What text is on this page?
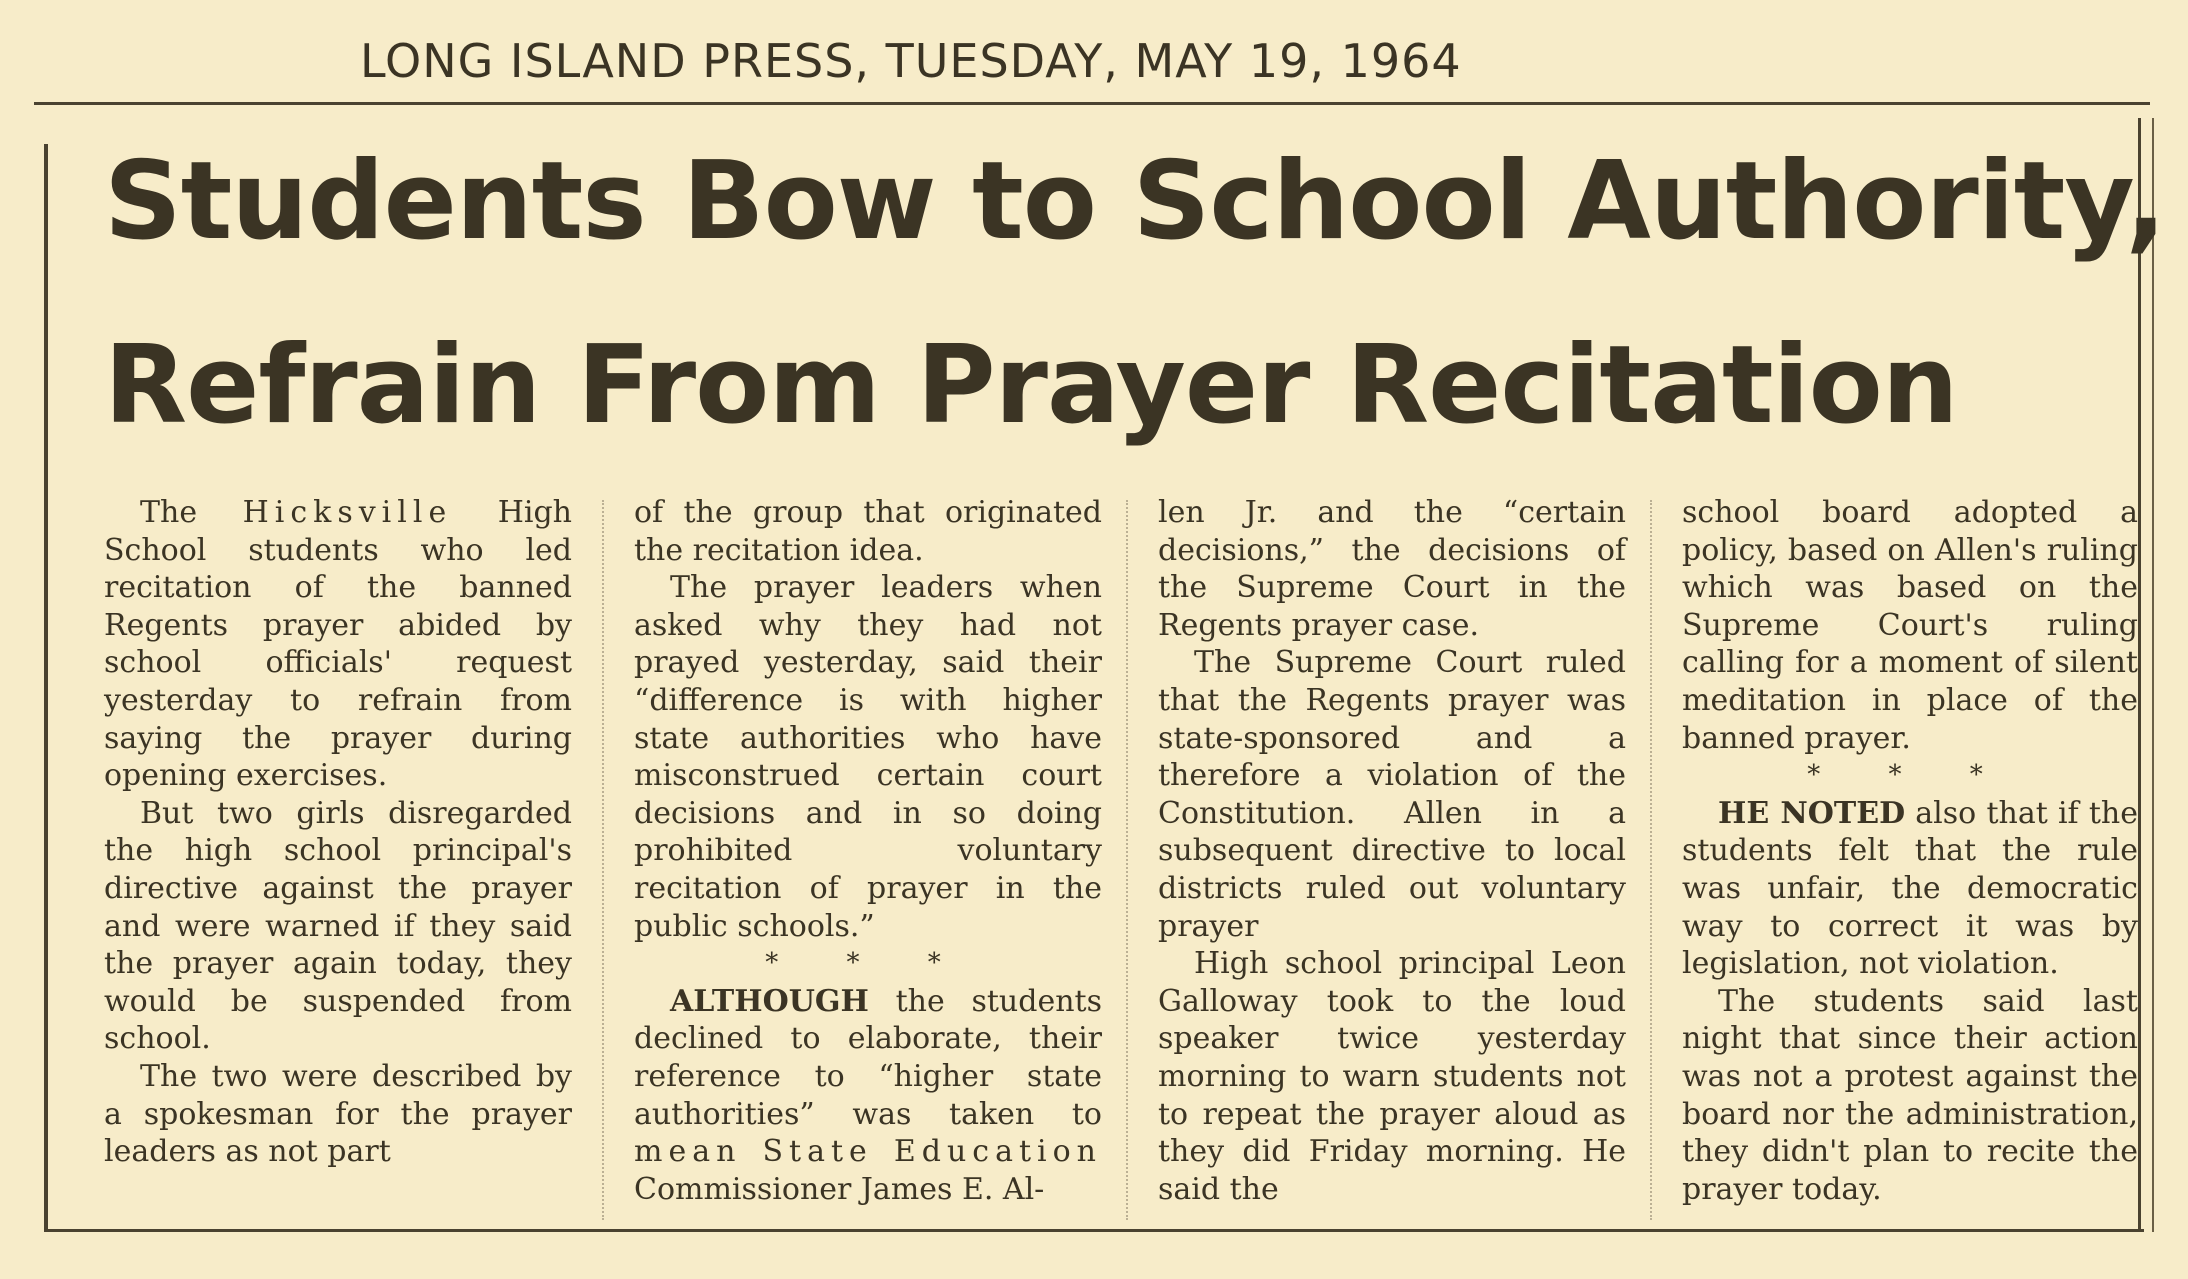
LONG ISLAND PRESS, TUESDAY, MAY 19, 1964
Students Bow to School Authority,
Refrain From Prayer Recitation

The Hicksville High School students who led recitation of the banned Regents prayer abided by school officials' request yesterday to refrain from saying the prayer during opening exercises.

But two girls disregarded the high school principal's directive against the prayer and were warned if they said the prayer again today, they would be suspended from school.

The two were described by a spokesman for the prayer leaders as not part

of the group that originated the recitation idea.

The prayer leaders when asked why they had not prayed yesterday, said their “difference is with higher state authorities who have misconstrued certain court decisions and in so doing prohibited voluntary recitation of prayer in the public schools.”

* * *

ALTHOUGH the students declined to elaborate, their reference to “higher state authorities” was taken to mean State Education Commissioner James E. Al-

len Jr. and the “certain decisions,” the decisions of the Supreme Court in the Regents prayer case.

The Supreme Court ruled that the Regents prayer was state-sponsored and a therefore a violation of the Constitution. Allen in a subsequent directive to local districts ruled out voluntary prayer

High school principal Leon Galloway took to the loud speaker twice yesterday morning to warn students not to repeat the prayer aloud as they did Friday morning. He said the

school board adopted a policy, based on Allen's ruling which was based on the Supreme Court's ruling calling for a moment of silent meditation in place of the banned prayer.

* * *

HE NOTED also that if the students felt that the rule was unfair, the democratic way to correct it was by legislation, not violation.

The students said last night that since their action was not a protest against the board nor the administration, they didn't plan to recite the prayer today.
